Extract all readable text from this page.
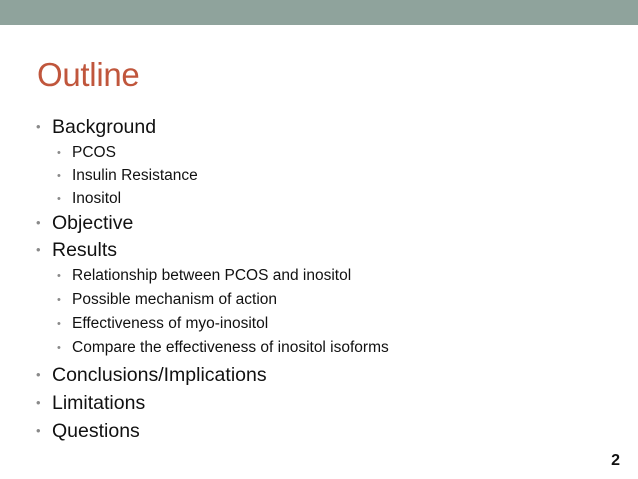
Outline
• Background
• PCOS
• Insulin Resistance
• Inositol
• Objective
• Results
• Relationship between PCOS and inositol
• Possible mechanism of action
• Effectiveness of myo-inositol
• Compare the effectiveness of inositol isoforms
• Conclusions/Implications
• Limitations
• Questions
2
